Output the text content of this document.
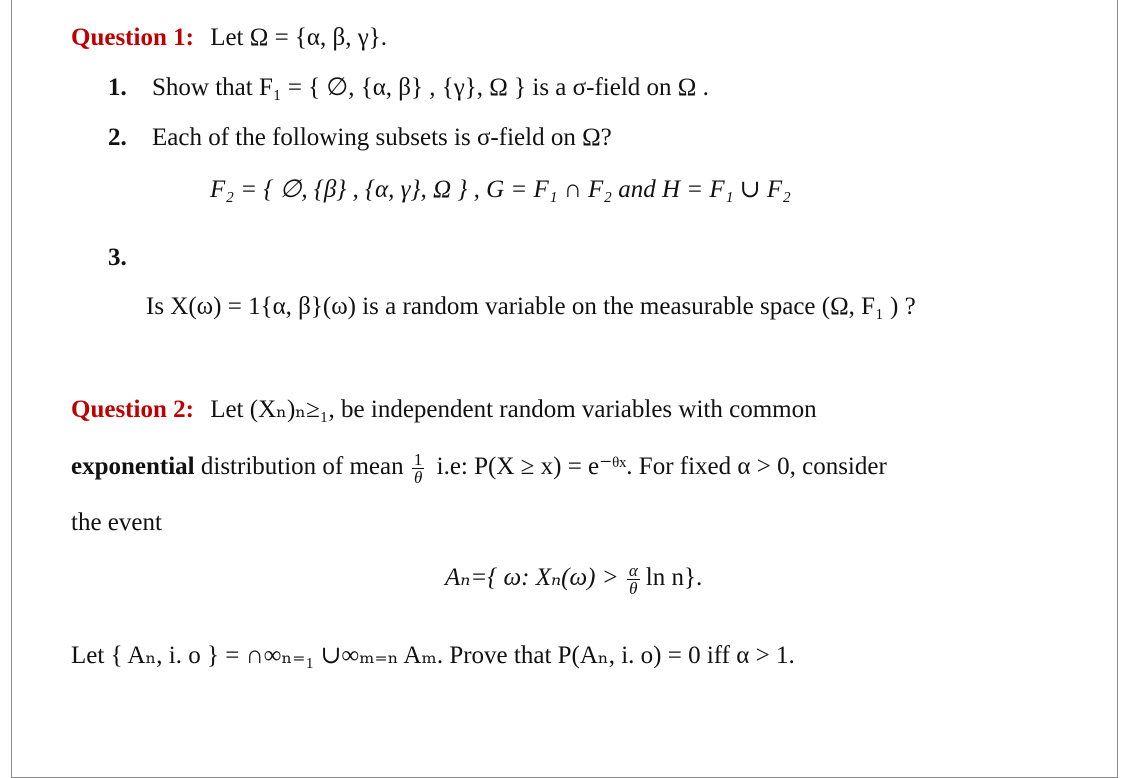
Question 1: Let Ω = {α, β, γ}.
1. Show that F₁ = { ∅, {α, β} , {γ}, Ω } is a σ-field on Ω .
2. Each of the following subsets is σ-field on Ω?
F₂ = { ∅, {β} , {α, γ}, Ω } , G = F₁ ∩ F₂ and H = F₁ ∪ F₂
3.
Is X(ω) = 1{α, β}(ω) is a random variable on the measurable space (Ω, F₁ ) ?
Question 2: Let (Xₙ)ₙ≥₁, be independent random variables with common
exponential distribution of mean $\frac{1}{\theta} i.e$: P(X ≥ x) = e⁻ᶿˣ. For fixed α > 0, consider
the event
Aₙ={ ω: $X_n(\omega) > \frac{\alpha}{\theta}$ ln n}.
Let { Aₙ, i. o } = ∩∞ₙ₌₁ ∪∞ₘ₌ₙ Aₘ. Prove that P(Aₙ, i. o) = 0 iff α > 1.
